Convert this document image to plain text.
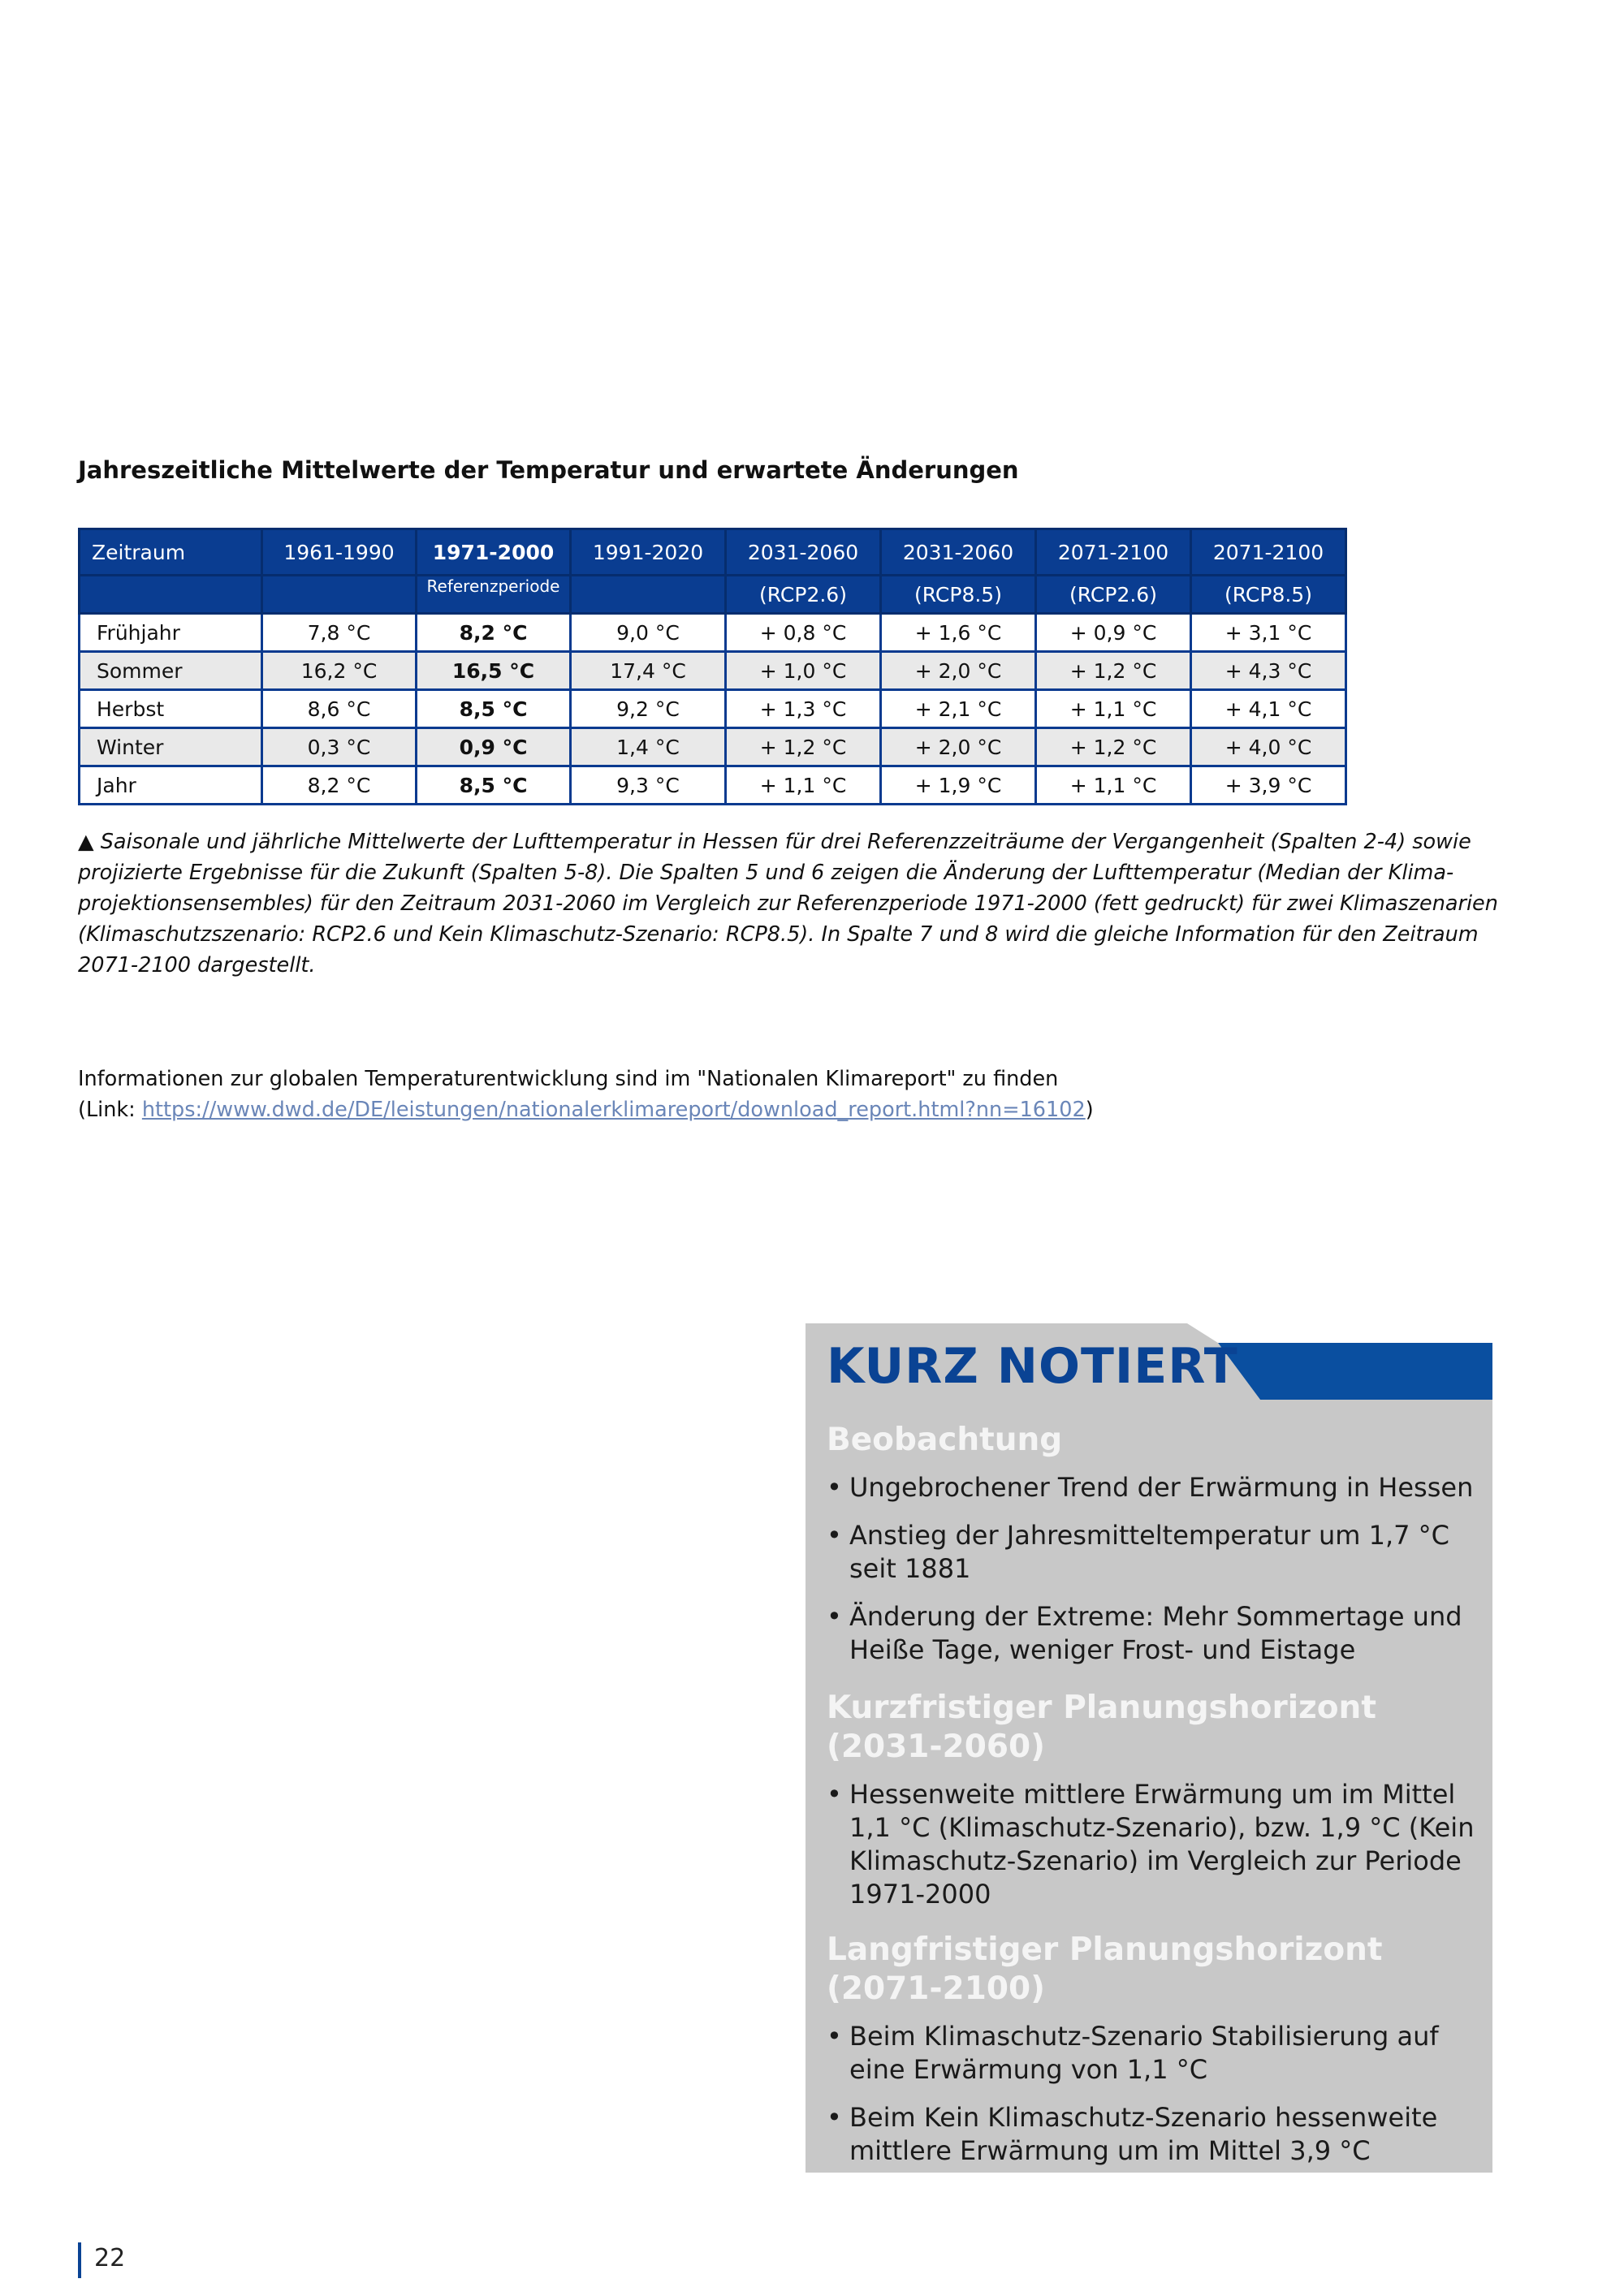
Jahreszeitliche Mittelwerte der Temperatur und erwartete Änderungen
Zeitraum	1961-1990	1971-2000	1991-2020	2031-2060	2031-2060	2071-2100	2071-2100
		Referenzperiode		(RCP2.6)	(RCP8.5)	(RCP2.6)	(RCP8.5)
Frühjahr	7,8 °C	8,2 °C	9,0 °C	+ 0,8 °C	+ 1,6 °C	+ 0,9 °C	+ 3,1 °C
Sommer	16,2 °C	16,5 °C	17,4 °C	+ 1,0 °C	+ 2,0 °C	+ 1,2 °C	+ 4,3 °C
Herbst	8,6 °C	8,5 °C	9,2 °C	+ 1,3 °C	+ 2,1 °C	+ 1,1 °C	+ 4,1 °C
Winter	0,3 °C	0,9 °C	1,4 °C	+ 1,2 °C	+ 2,0 °C	+ 1,2 °C	+ 4,0 °C
Jahr	8,2 °C	8,5 °C	9,3 °C	+ 1,1 °C	+ 1,9 °C	+ 1,1 °C	+ 3,9 °C
▲ Saisonale und jährliche Mittelwerte der Lufttemperatur in Hessen für drei Referenzzeiträume der Vergangenheit (Spalten 2-4) sowie
projizierte Ergebnisse für die Zukunft (Spalten 5-8). Die Spalten 5 und 6 zeigen die Änderung der Lufttemperatur (Median der Klima-
projektionsensembles) für den Zeitraum 2031-2060 im Vergleich zur Referenzperiode 1971-2000 (fett gedruckt) für zwei Klimaszenarien
(Klimaschutzszenario: RCP2.6 und Kein Klimaschutz-Szenario: RCP8.5). In Spalte 7 und 8 wird die gleiche Information für den Zeitraum
2071-2100 dargestellt.
Informationen zur globalen Temperaturentwicklung sind im "Nationalen Klimareport" zu finden
(Link: https://www.dwd.de/DE/leistungen/nationalerklimareport/download_report.html?nn=16102)
KURZ NOTIERT
Beobachtung
• Ungebrochener Trend der Erwärmung in Hessen
• Anstieg der Jahresmitteltemperatur um 1,7 °C seit 1881
• Änderung der Extreme: Mehr Sommertage und Heiße Tage, weniger Frost- und Eistage
Kurzfristiger Planungshorizont (2031-2060)
• Hessenweite mittlere Erwärmung um im Mittel 1,1 °C (Klimaschutz-Szenario), bzw. 1,9 °C (Kein Klimaschutz-Szenario) im Vergleich zur Periode 1971-2000
Langfristiger Planungshorizont (2071-2100)
• Beim Klimaschutz-Szenario Stabilisierung auf eine Erwärmung von 1,1 °C
• Beim Kein Klimaschutz-Szenario hessenweite mittlere Erwärmung um im Mittel 3,9 °C
22
